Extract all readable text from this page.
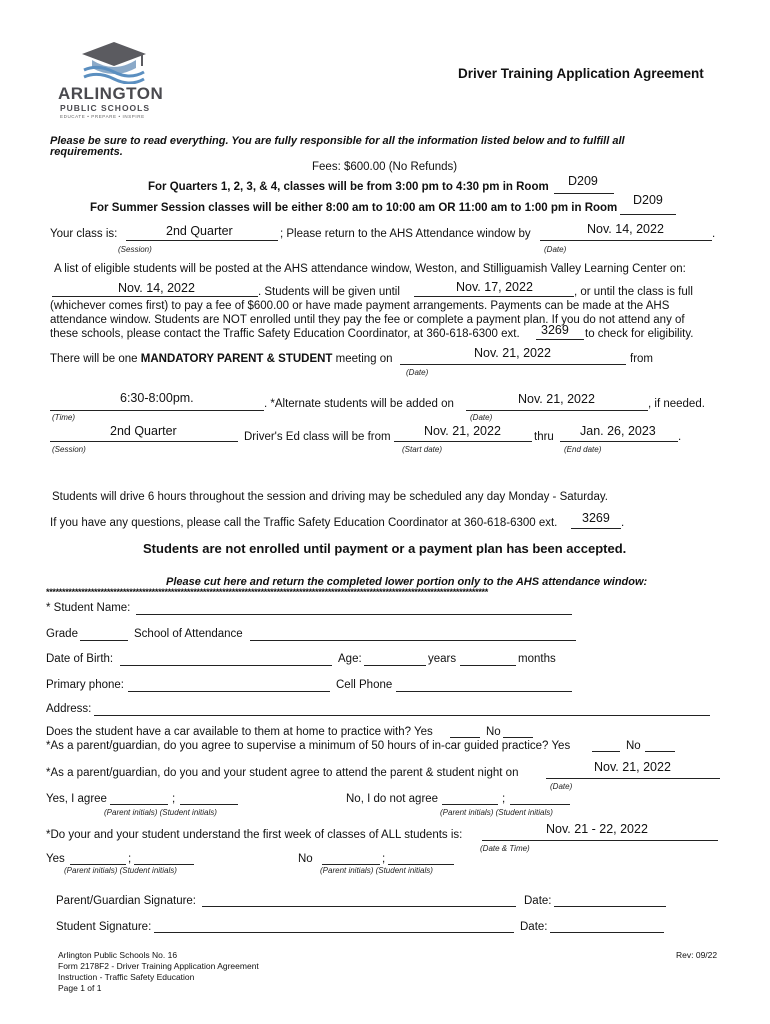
ARLINGTON
PUBLIC SCHOOLS
EDUCATE • PREPARE • INSPIRE
Driver Training Application Agreement
Please be sure to read everything. You are fully responsible for all the information listed below and to fulfill all requirements.
Fees: $600.00 (No Refunds)
For Quarters 1, 2, 3, & 4, classes will be from 3:00 pm to 4:30 pm in Room D209
For Summer Session classes will be either 8:00 am to 10:00 am OR 11:00 am to 1:00 pm in Room
D209
Your class is:	2nd Quarter	; Please return to the AHS Attendance window by	Nov. 14, 2022	.
(Session)	(Date)
A list of eligible students will be posted at the AHS attendance window, Weston, and Stilliguamish Valley Learning Center on:
Nov. 14, 2022	. Students will be given until	Nov. 17, 2022	, or until the class is full
(whichever comes first) to pay a fee of $600.00 or have made payment arrangements. Payments can be made at the AHS
attendance window. Students are NOT enrolled until they pay the fee or complete a payment plan. If you do not attend any of
these schools, please contact the Traffic Safety Education Coordinator, at 360-618-6300 ext. 3269 to check for eligibility.
There will be one MANDATORY PARENT & STUDENT meeting on	Nov. 21, 2022	from
(Date)
6:30-8:00pm.	. *Alternate students will be added on	Nov. 21, 2022	, if needed.
(Time)	(Date)
2nd Quarter	Driver's Ed class will be from	Nov. 21, 2022	thru Jan. 26, 2023 .
(Session)	(Start date)	(End date)
Students will drive 6 hours throughout the session and driving may be scheduled any day Monday - Saturday.
If you have any questions, please call the Traffic Safety Education Coordinator at 360-618-6300 ext. 3269 .
Students are not enrolled until payment or a payment plan has been accepted.
Please cut here and return the completed lower portion only to the AHS attendance window:
******************************************************************************************************************************************
* Student Name:
Grade	School of Attendance
Date of Birth:	Age:	years	months
Primary phone:	Cell Phone
Address:
Does the student have a car available to them at home to practice with? Yes	No
*As a parent/guardian, do you agree to supervise a minimum of 50 hours of in-car guided practice? Yes	No
*As a parent/guardian, do you and your student agree to attend the parent & student night on	Nov. 21, 2022
(Date)
Yes, I agree	;
(Parent initials) (Student initials)
No, I do not agree	;
(Parent initials) (Student initials)
*Do your and your student understand the first week of classes of ALL students is:	Nov. 21 - 22, 2022
(Date & Time)
Yes	;
(Parent initials) (Student initials)
No	;
(Parent initials) (Student initials)
Parent/Guardian Signature:	Date:
Student Signature:	Date:
Arlington Public Schools No. 16
Form 2178F2 - Driver Training Application Agreement
Instruction - Traffic Safety Education
Page 1 of 1
Rev: 09/22
